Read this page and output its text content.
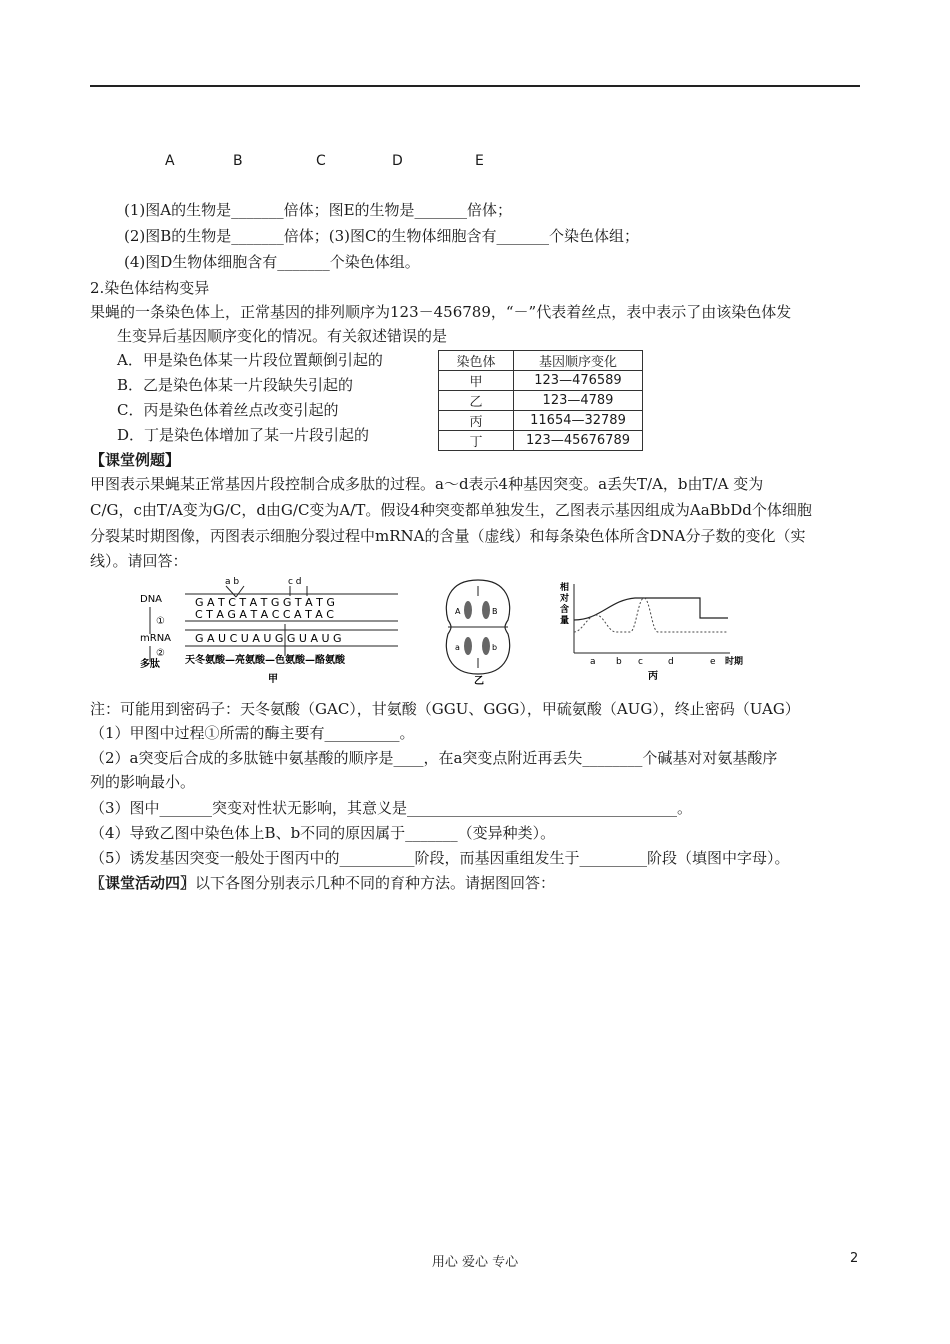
A	B	C	D	E
(1)图A的生物是_______倍体；图E的生物是_______倍体；
(2)图B的生物是_______倍体；(3)图C的生物体细胞含有_______个染色体组；
(4)图D生物体细胞含有_______个染色体组。
2.染色体结构变异
果蝇的一条染色体上，正常基因的排列顺序为123－456789，“－”代表着丝点，表中表示了由该染色体发
生变异后基因顺序变化的情况。有关叙述错误的是
A．甲是染色体某一片段位置颠倒引起的
B．乙是染色体某一片段缺失引起的
C．丙是染色体着丝点改变引起的
D．丁是染色体增加了某一片段引起的
染色体	基因顺序变化
甲	123—476589
乙	123—4789
丙	11654—32789
丁	123—45676789
【课堂例题】
甲图表示果蝇某正常基因片段控制合成多肽的过程。a～d表示4种基因突变。a丢失T/A，b由T/A 变为
C/G，c由T/A变为G/C，d由G/C变为A/T。假设4种突变都单独发生，乙图表示基因组成为AaBbDd个体细胞
分裂某时期图像，丙图表示细胞分裂过程中mRNA的含量（虚线）和每条染色体所含DNA分子数的变化（实
线）。请回答：
a b	c d
DNA	G A T C T A T G G T A T G
C T A G A T A C C A T A C
①
mRNA G A U C U A U G G U A U G
②
多肽	天冬氨酸—亮氨酸—色氨酸—酪氨酸
甲
A	B
a	b
乙
相
对
含
量
a b c	d	e 时期
丙
注：可能用到密码子：天冬氨酸（GAC），甘氨酸（GGU、GGG），甲硫氨酸（AUG），终止密码（UAG）
（1）甲图中过程①所需的酶主要有__________。
（2）a突变后合成的多肽链中氨基酸的顺序是____，在a突变点附近再丢失________个碱基对对氨基酸序
列的影响最小。
（3）图中_______突变对性状无影响，其意义是____________________________________。
（4）导致乙图中染色体上B、b不同的原因属于_______（变异种类）。
（5）诱发基因突变一般处于图丙中的__________阶段，而基因重组发生于_________阶段（填图中字母）。
〖课堂活动四〗以下各图分别表示几种不同的育种方法。请据图回答：
用心 爱心 专心	2
